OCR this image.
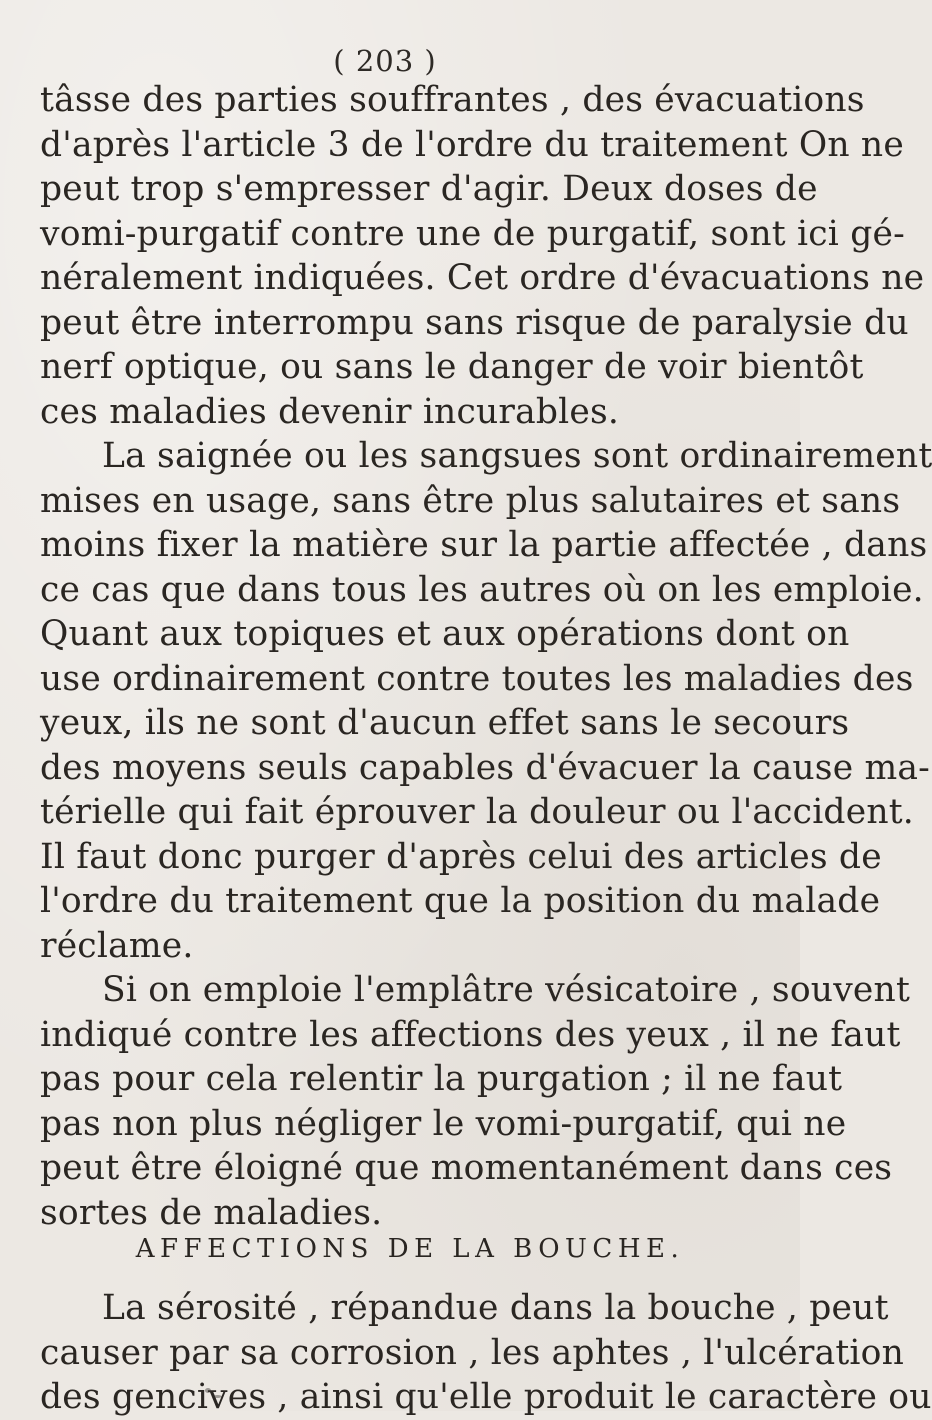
( 203 )
tâsse des parties souffrantes , des évacuations
d'après l'article 3 de l'ordre du traitement On ne
peut trop s'empresser d'agir. Deux doses de
vomi-purgatif contre une de purgatif, sont ici gé-
néralement indiquées. Cet ordre d'évacuations ne
peut être interrompu sans risque de paralysie du
nerf optique, ou sans le danger de voir bientôt
ces maladies devenir incurables.
La saignée ou les sangsues sont ordinairement
mises en usage, sans être plus salutaires et sans
moins fixer la matière sur la partie affectée , dans
ce cas que dans tous les autres où on les emploie.
Quant aux topiques et aux opérations dont on
use ordinairement contre toutes les maladies des
yeux, ils ne sont d'aucun effet sans le secours
des moyens seuls capables d'évacuer la cause ma-
térielle qui fait éprouver la douleur ou l'accident.
Il faut donc purger d'après celui des articles de
l'ordre du traitement que la position du malade
réclame.
Si on emploie l'emplâtre vésicatoire , souvent
indiqué contre les affections des yeux , il ne faut
pas pour cela relentir la purgation ; il ne faut
pas non plus négliger le vomi-purgatif, qui ne
peut être éloigné que momentanément dans ces
sortes de maladies.
AFFECTIONS DE LA BOUCHE.
La sérosité , répandue dans la bouche , peut
causer par sa corrosion , les aphtes , l'ulcération
des gencives , ainsi qu'elle produit le caractère ou
